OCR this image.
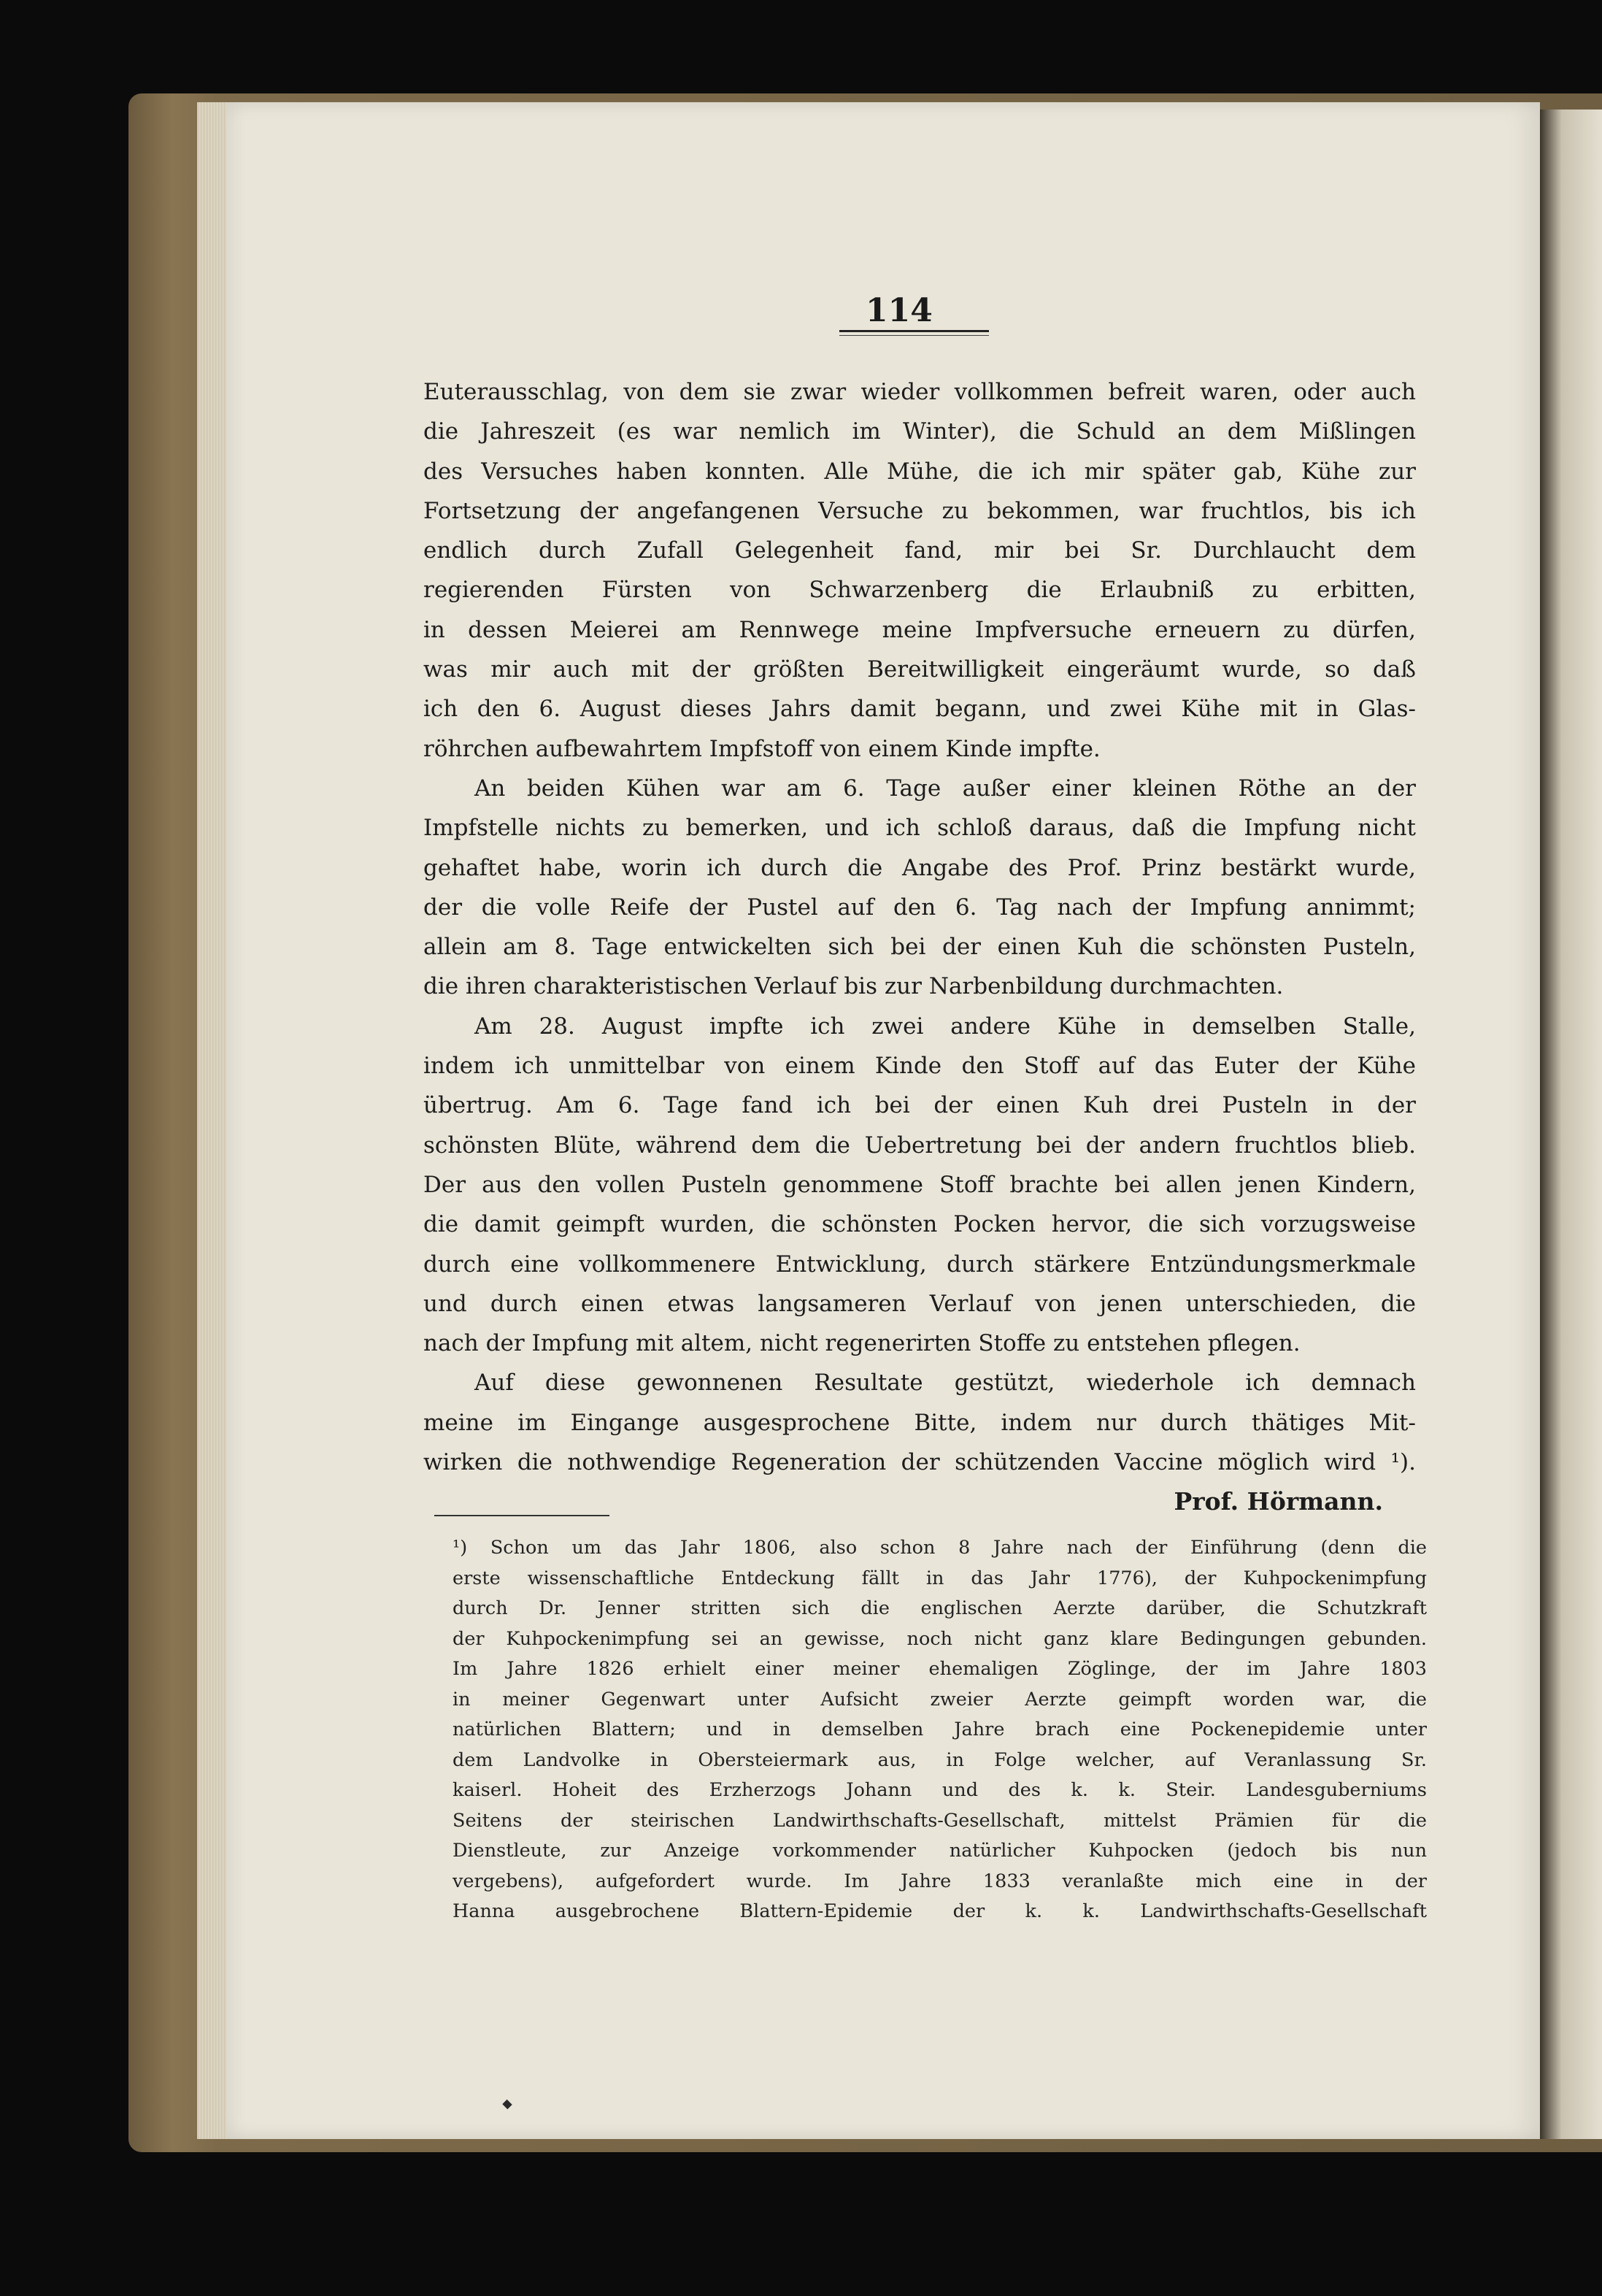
114
Euterausschlag, von dem sie zwar wieder vollkommen befreit waren, oder auch
die Jahreszeit (es war nemlich im Winter), die Schuld an dem Mißlingen
des Versuches haben konnten. Alle Mühe, die ich mir später gab, Kühe zur
Fortsetzung der angefangenen Versuche zu bekommen, war fruchtlos, bis ich
endlich durch Zufall Gelegenheit fand, mir bei Sr. Durchlaucht dem
regierenden Fürsten von Schwarzenberg die Erlaubniß zu erbitten,
in dessen Meierei am Rennwege meine Impfversuche erneuern zu dürfen,
was mir auch mit der größten Bereitwilligkeit eingeräumt wurde, so daß
ich den 6. August dieses Jahrs damit begann, und zwei Kühe mit in Glas-
röhrchen aufbewahrtem Impfstoff von einem Kinde impfte.
An beiden Kühen war am 6. Tage außer einer kleinen Röthe an der
Impfstelle nichts zu bemerken, und ich schloß daraus, daß die Impfung nicht
gehaftet habe, worin ich durch die Angabe des Prof. Prinz bestärkt wurde,
der die volle Reife der Pustel auf den 6. Tag nach der Impfung annimmt;
allein am 8. Tage entwickelten sich bei der einen Kuh die schönsten Pusteln,
die ihren charakteristischen Verlauf bis zur Narbenbildung durchmachten.
Am 28. August impfte ich zwei andere Kühe in demselben Stalle,
indem ich unmittelbar von einem Kinde den Stoff auf das Euter der Kühe
übertrug. Am 6. Tage fand ich bei der einen Kuh drei Pusteln in der
schönsten Blüte, während dem die Uebertretung bei der andern fruchtlos blieb.
Der aus den vollen Pusteln genommene Stoff brachte bei allen jenen Kindern,
die damit geimpft wurden, die schönsten Pocken hervor, die sich vorzugsweise
durch eine vollkommenere Entwicklung, durch stärkere Entzündungsmerkmale
und durch einen etwas langsameren Verlauf von jenen unterschieden, die
nach der Impfung mit altem, nicht regenerirten Stoffe zu entstehen pflegen.
Auf diese gewonnenen Resultate gestützt, wiederhole ich demnach
meine im Eingange ausgesprochene Bitte, indem nur durch thätiges Mit-
wirken die nothwendige Regeneration der schützenden Vaccine möglich wird ¹).
Prof. Hörmann.
¹) Schon um das Jahr 1806, also schon 8 Jahre nach der Einführung (denn die
erste wissenschaftliche Entdeckung fällt in das Jahr 1776), der Kuhpockenimpfung
durch Dr. Jenner stritten sich die englischen Aerzte darüber, die Schutzkraft
der Kuhpockenimpfung sei an gewisse, noch nicht ganz klare Bedingungen gebunden.
Im Jahre 1826 erhielt einer meiner ehemaligen Zöglinge, der im Jahre 1803
in meiner Gegenwart unter Aufsicht zweier Aerzte geimpft worden war, die
natürlichen Blattern; und in demselben Jahre brach eine Pockenepidemie unter
dem Landvolke in Obersteiermark aus, in Folge welcher, auf Veranlassung Sr.
kaiserl. Hoheit des Erzherzogs Johann und des k. k. Steir. Landesguberniums
Seitens der steirischen Landwirthschafts-Gesellschaft, mittelst Prämien für die
Dienstleute, zur Anzeige vorkommender natürlicher Kuhpocken (jedoch bis nun
vergebens), aufgefordert wurde. Im Jahre 1833 veranlaßte mich eine in der
Hanna ausgebrochene Blattern-Epidemie der k. k. Landwirthschafts-Gesellschaft
